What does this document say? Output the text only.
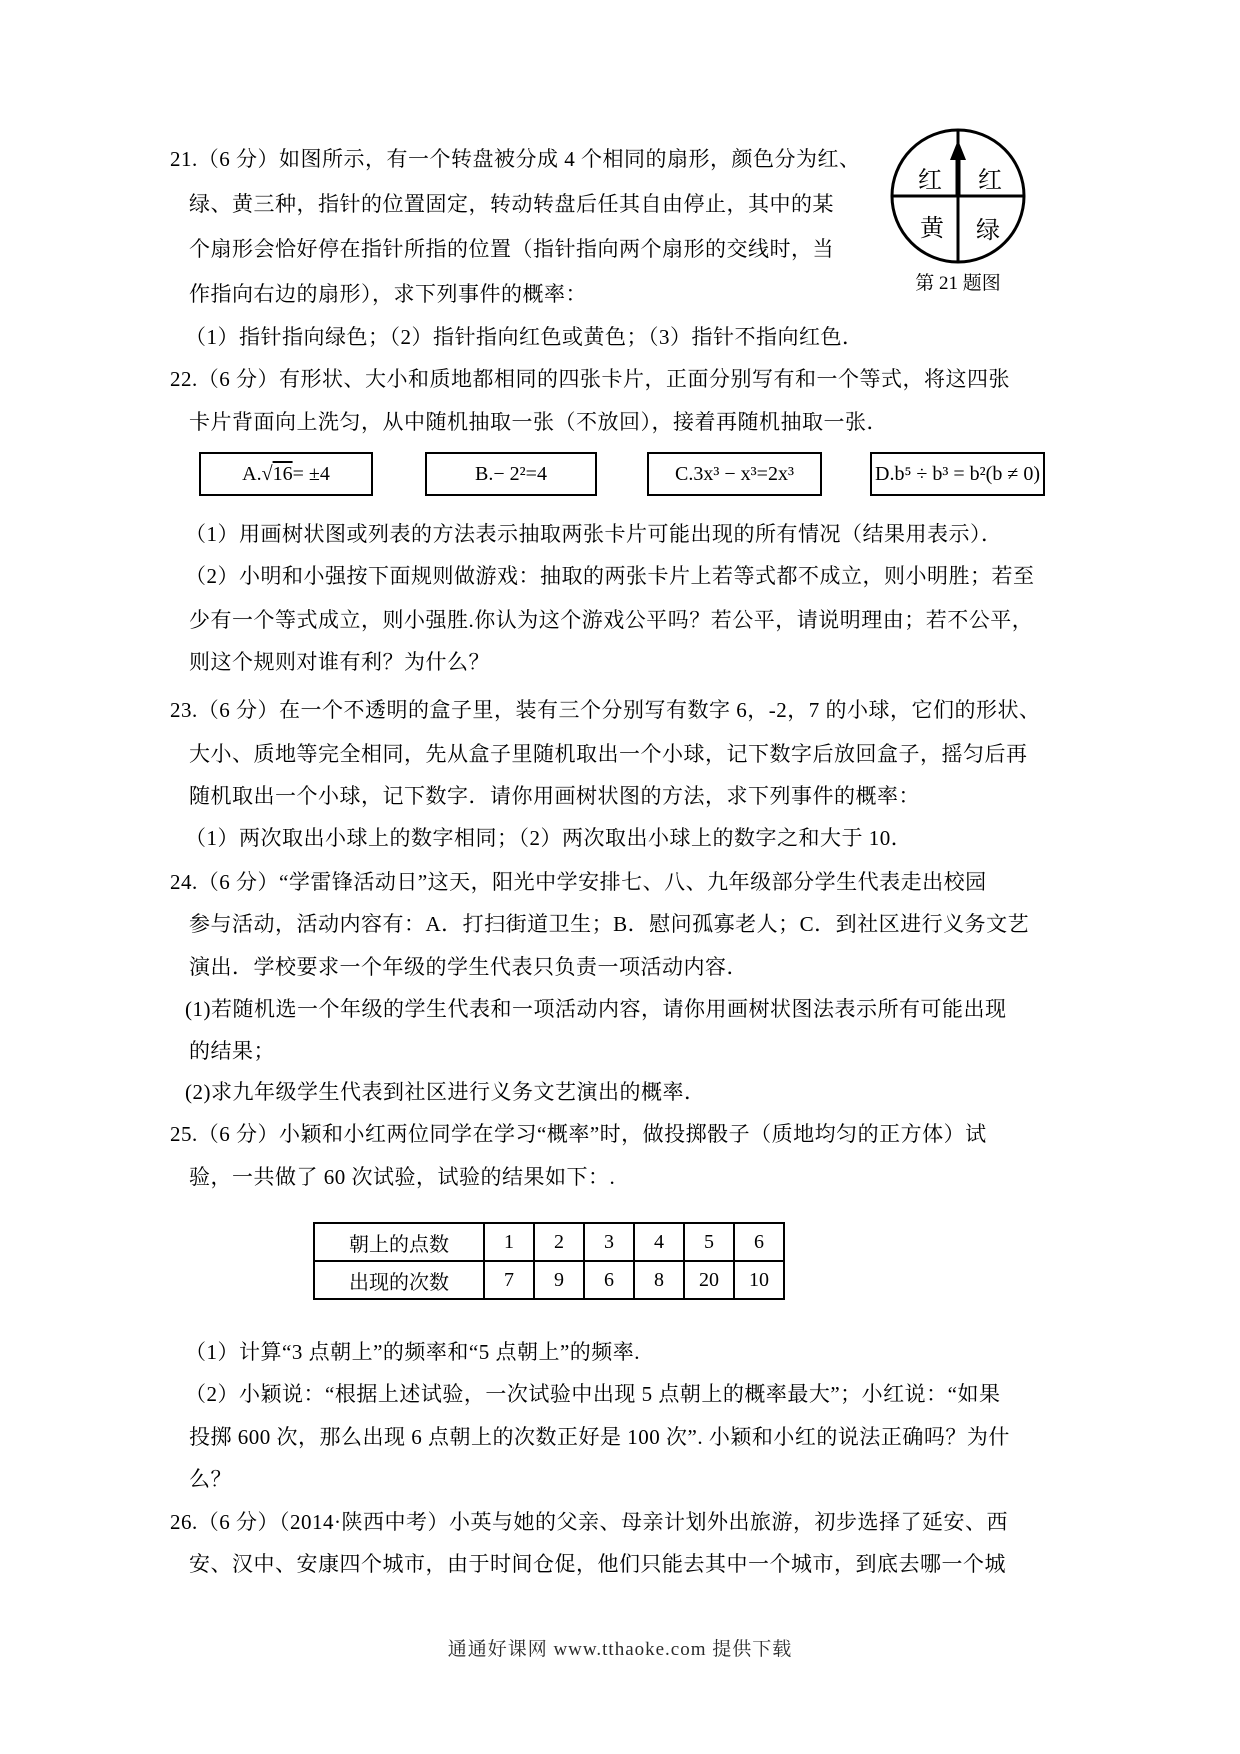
21.（6 分）如图所示，有一个转盘被分成 4 个相同的扇形，颜色分为红、
绿、黄三种，指针的位置固定，转动转盘后任其自由停止，其中的某
个扇形会恰好停在指针所指的位置（指针指向两个扇形的交线时，当
作指向右边的扇形），求下列事件的概率：
（1）指针指向绿色；（2）指针指向红色或黄色；（3）指针不指向红色．
红 红
黄 绿
第 21 题图
22.（6 分）有形状、大小和质地都相同的四张卡片，正面分别写有和一个等式，将这四张
卡片背面向上洗匀，从中随机抽取一张（不放回），接着再随机抽取一张．
A. √ 16 = ±4	B.− 2²=4	C.3x³ − x³=2x³	D.b⁵ ÷ b³ = b²(b ≠ 0)
（1）用画树状图或列表的方法表示抽取两张卡片可能出现的所有情况（结果用表示）．
（2）小明和小强按下面规则做游戏：抽取的两张卡片上若等式都不成立，则小明胜；若至
少有一个等式成立，则小强胜.你认为这个游戏公平吗？若公平，请说明理由；若不公平，
则这个规则对谁有利？为什么？
23.（6 分）在一个不透明的盒子里，装有三个分别写有数字 6，-2，7 的小球，它们的形状、
大小、质地等完全相同，先从盒子里随机取出一个小球，记下数字后放回盒子，摇匀后再
随机取出一个小球，记下数字．请你用画树状图的方法，求下列事件的概率：
（1）两次取出小球上的数字相同；（2）两次取出小球上的数字之和大于 10．
24.（6 分）“学雷锋活动日”这天，阳光中学安排七、八、九年级部分学生代表走出校园
参与活动，活动内容有：A．打扫街道卫生；B．慰问孤寡老人；C．到社区进行义务文艺
演出．学校要求一个年级的学生代表只负责一项活动内容．
(1)若随机选一个年级的学生代表和一项活动内容，请你用画树状图法表示所有可能出现
的结果；
(2)求九年级学生代表到社区进行义务文艺演出的概率．
25.（6 分）小颖和小红两位同学在学习“概率”时，做投掷骰子（质地均匀的正方体）试
验，一共做了 60 次试验，试验的结果如下：.
朝上的点数	1	2	3	4	5	6
出现的次数	7	9	6	8	20	10
（1）计算“3 点朝上”的频率和“5 点朝上”的频率.
（2）小颖说：“根据上述试验，一次试验中出现 5 点朝上的概率最大”；小红说：“如果
投掷 600 次，那么出现 6 点朝上的次数正好是 100 次”. 小颖和小红的说法正确吗？为什
么？
26.（6 分）（2014·陕西中考）小英与她的父亲、母亲计划外出旅游，初步选择了延安、西
安、汉中、安康四个城市，由于时间仓促，他们只能去其中一个城市，到底去哪一个城
通通好课网 www.tthaoke.com 提供下载
